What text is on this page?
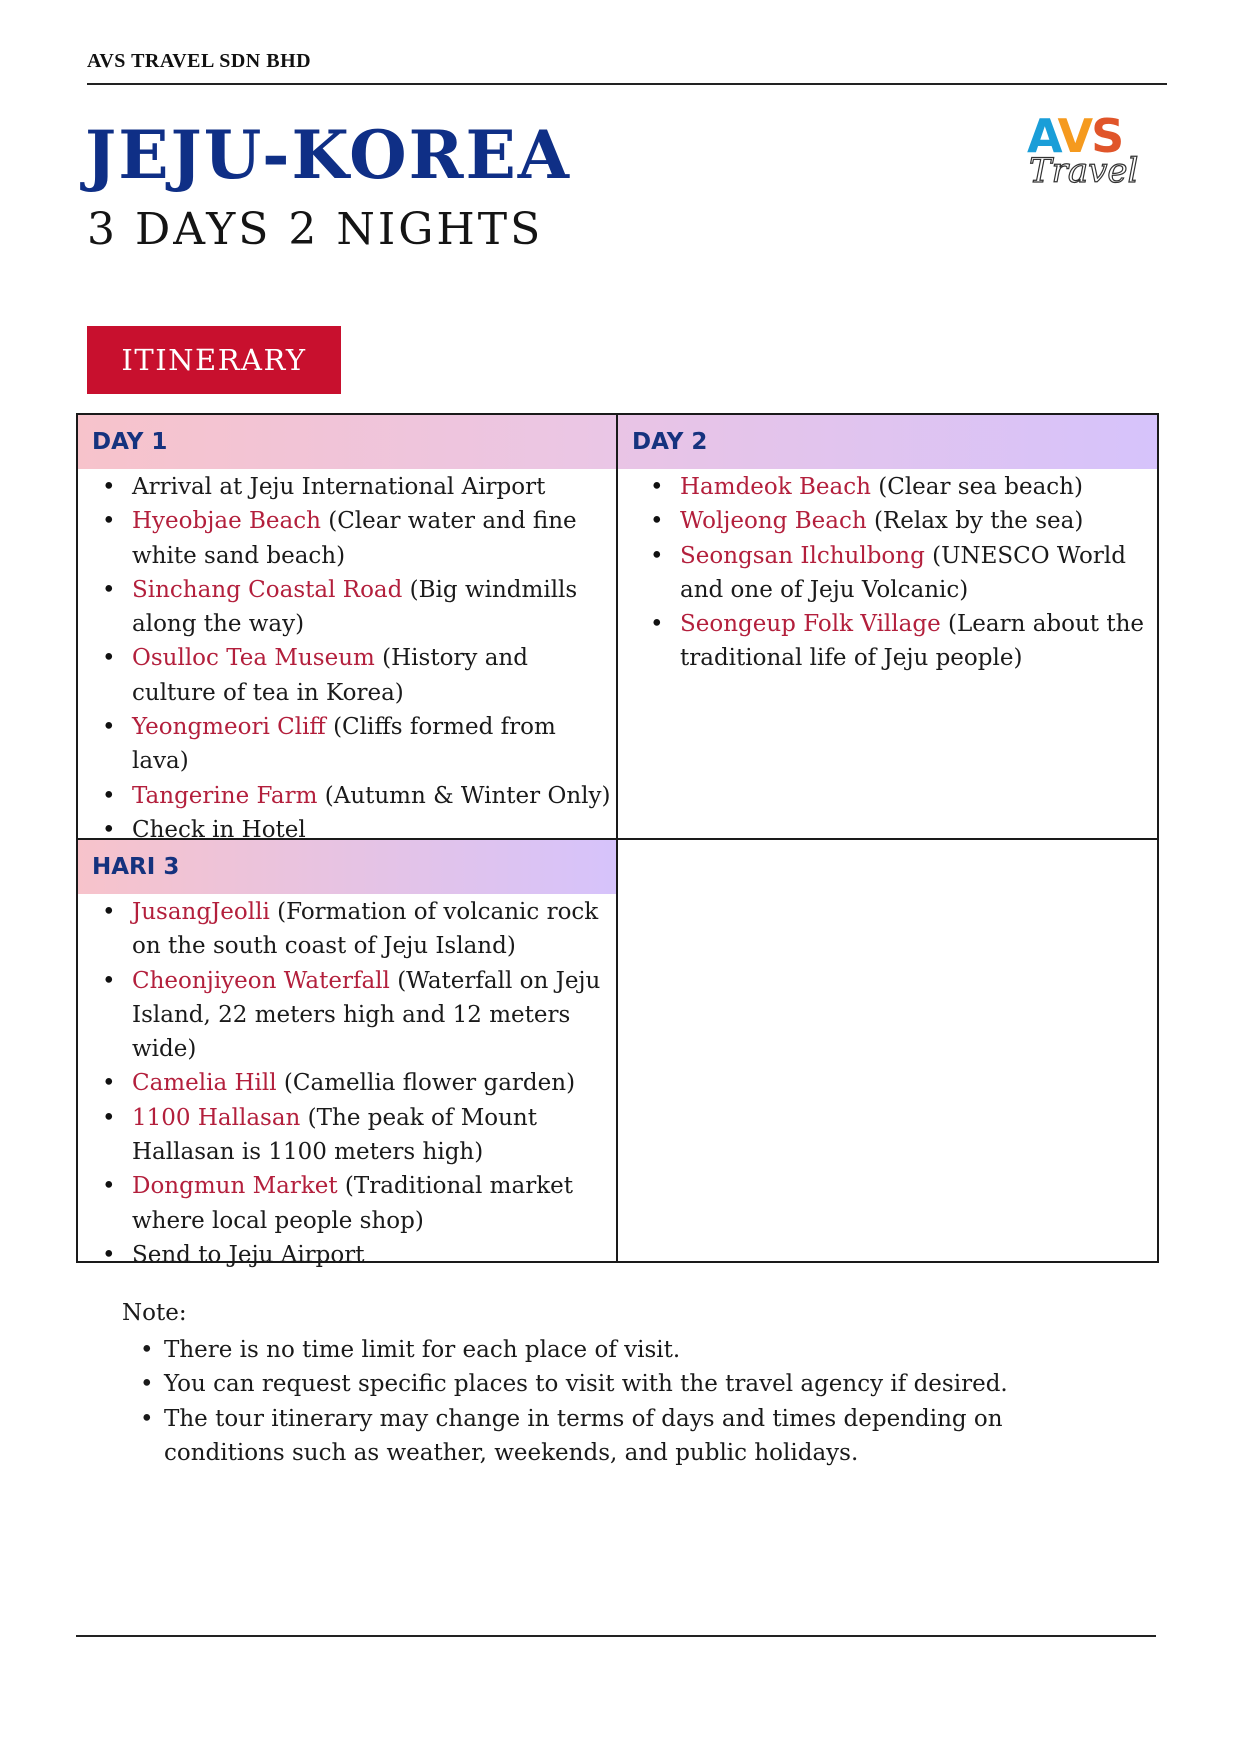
AVS TRAVEL SDN BHD
JEJU-KOREA
3 DAYS 2 NIGHTS
AVS
Travel
ITINERARY
DAY 1	DAY 2
HARI 3
• Arrival at Jeju International Airport
• Hyeobjae Beach (Clear water and fine white sand beach)
• Sinchang Coastal Road (Big windmills along the way)
• Osulloc Tea Museum (History and culture of tea in Korea)
• Yeongmeori Cliff (Cliffs formed from lava)
• Tangerine Farm (Autumn & Winter Only)
• Check in Hotel
• Hamdeok Beach (Clear sea beach)
• Woljeong Beach (Relax by the sea)
• Seongsan Ilchulbong (UNESCO World and one of Jeju Volcanic)
• Seongeup Folk Village (Learn about the traditional life of Jeju people)
• JusangJeolli (Formation of volcanic rock on the south coast of Jeju Island)
• Cheonjiyeon Waterfall (Waterfall on Jeju Island, 22 meters high and 12 meters wide)
• Camelia Hill (Camellia flower garden)
• 1100 Hallasan (The peak of Mount Hallasan is 1100 meters high)
• Dongmun Market (Traditional market where local people shop)
• Send to Jeju Airport
Note:
• There is no time limit for each place of visit.
• You can request specific places to visit with the travel agency if desired.
• The tour itinerary may change in terms of days and times depending on conditions such as weather, weekends, and public holidays.
